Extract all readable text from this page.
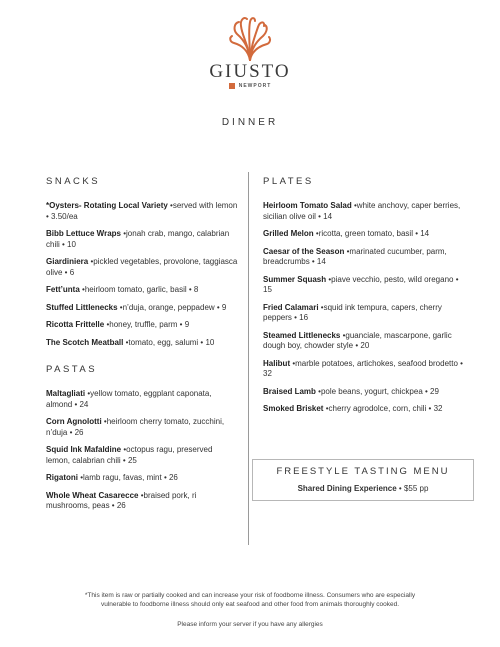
GIUSTO
NEWPORT
DINNER
SNACKS
*Oysters- Rotating Local Variety • served with lemon • 3.50/ea
Bibb Lettuce Wraps • jonah crab, mango, calabrian chili • 10
Giardiniera • pickled vegetables, provolone, taggiasca olive • 6
Fett’unta • heirloom tomato, garlic, basil • 8
Stuffed Littlenecks • n’duja, orange, peppadew • 9
Ricotta Frittelle • honey, truffle, parm • 9
The Scotch Meatball • tomato, egg, salumi • 10
PASTAS
Maltagliati • yellow tomato, eggplant caponata, almond • 24
Corn Agnolotti • heirloom cherry tomato, zucchini, n’duja • 26
Squid Ink Mafaldine • octopus ragu, preserved lemon, calabrian chili • 25
Rigatoni • lamb ragu, favas, mint • 26
Whole Wheat Casarecce • braised pork, ri mushrooms, peas • 26
PLATES
Heirloom Tomato Salad • white anchovy, caper berries, sicilian olive oil • 14
Grilled Melon • ricotta, green tomato, basil • 14
Caesar of the Season • marinated cucumber, parm, breadcrumbs • 14
Summer Squash • piave vecchio, pesto, wild oregano • 15
Fried Calamari • squid ink tempura, capers, cherry peppers • 16
Steamed Littlenecks • guanciale, mascarpone, garlic dough boy, chowder style • 20
Halibut • marble potatoes, artichokes, seafood brodetto • 32
Braised Lamb • pole beans, yogurt, chickpea • 29
Smoked Brisket • cherry agrodolce, corn, chili • 32
FREESTYLE TASTING MENU
Shared Dining Experience • $55 pp
*This item is raw or partially cooked and can increase your risk of foodborne illness. Consumers who are especially
vulnerable to foodborne illness should only eat seafood and other food from animals thoroughly cooked.
Please inform your server if you have any allergies
